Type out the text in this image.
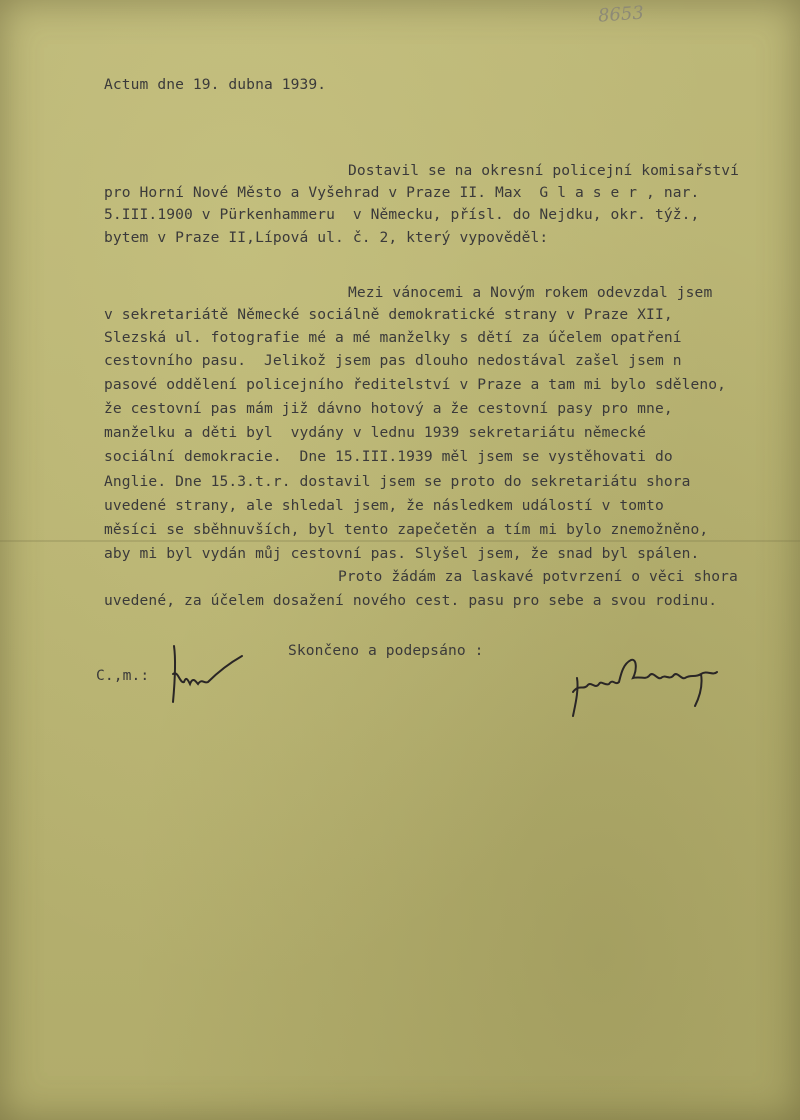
8653

Actum dne 19. dubna 1939.

Dostavil se na okresní policejní komisařství

pro Horní Nové Město a Vyšehrad v Praze II. Max  G l a s e r , nar.

5.III.1900 v Pürkenhammeru  v Německu, přísl. do Nejdku, okr. týž.,

bytem v Praze II,Lípová ul. č. 2, který vypověděl:

Mezi vánocemi a Novým rokem odevzdal jsem

v sekretariátě Německé sociálně demokratické strany v Praze XII,

Slezská ul. fotografie mé a mé manželky s dětí za účelem opatření

cestovního pasu.  Jelikož jsem pas dlouho nedostával zašel jsem n

pasové oddělení policejního ředitelství v Praze a tam mi bylo sděleno,

že cestovní pas mám již dávno hotový a že cestovní pasy pro mne,

manželku a děti byl  vydány v lednu 1939 sekretariátu německé

sociální demokracie.  Dne 15.III.1939 měl jsem se vystěhovati do

Anglie. Dne 15.3.t.r. dostavil jsem se proto do sekretariátu shora

uvedené strany, ale shledal jsem, že následkem událostí v tomto

měsíci se sběhnuvších, byl tento zapečetěn a tím mi bylo znemožněno,

aby mi byl vydán můj cestovní pas. Slyšel jsem, že snad byl spálen.

Proto žádám za laskavé potvrzení o věci shora

uvedené, za účelem dosažení nového cest. pasu pro sebe a svou rodinu.

Skončeno a podepsáno :

C.,m.:
